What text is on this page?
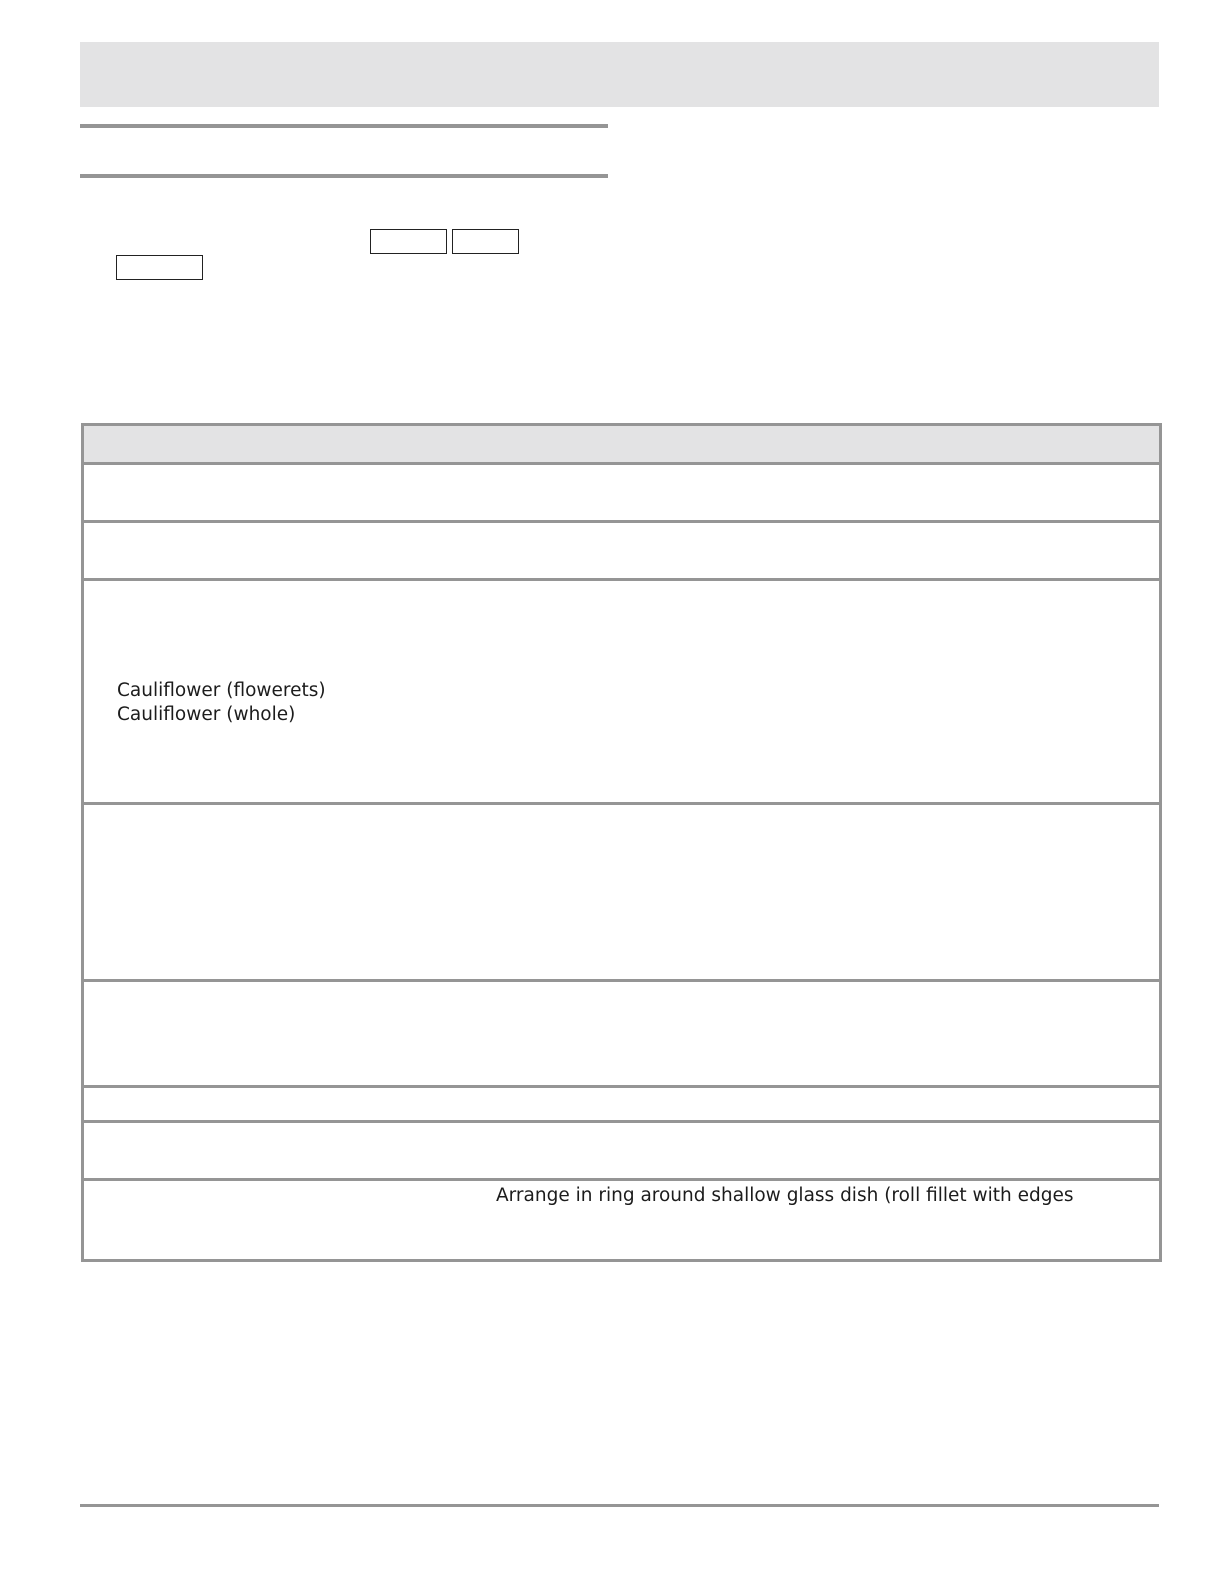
Cauliflower (flowerets)
Cauliflower (whole)
Arrange in ring around shallow glass dish (roll fillet with edges
